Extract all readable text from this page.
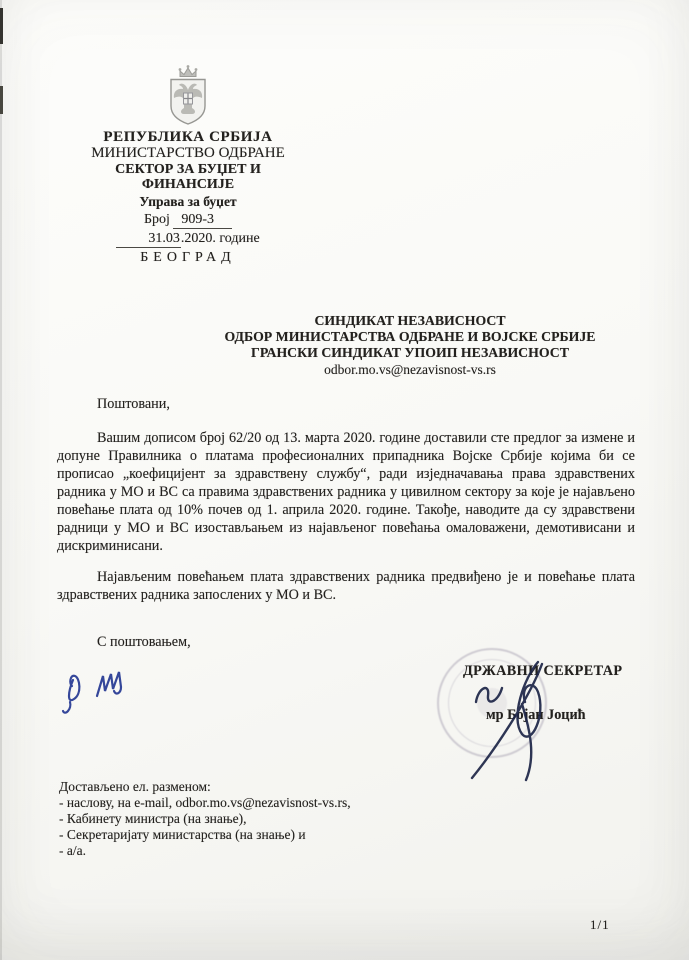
РЕПУБЛИКА СРБИЈА
МИНИСТАРСТВО ОДБРАНЕ
СЕКТОР ЗА БУЏЕТ И ФИНАНСИЈЕ
Управа за буџет
Број 909-3
31.03.2020. године
БЕОГРАД
СИНДИКАТ НЕЗАВИСНОСТ
ОДБОР МИНИСТАРСТВА ОДБРАНЕ И ВОЈСКЕ СРБИЈЕ
ГРАНСКИ СИНДИКАТ УПОИП НЕЗАВИСНОСТ
odbor.mo.vs@nezavisnost-vs.rs
Поштовани,

Вашим дописом број 62/20 од 13. марта 2020. године доставили сте предлог за измене и допуне Правилника о платама професионалних припадника Војске Србије којима би се прописао „коефицијент за здравствену службу“, ради изједначавања права здравствених радника у МО и ВС са правима здравствених радника у цивилном сектору за које је најављено повећање плата од 10% почев од 1. априла 2020. године. Такође, наводите да су здравствени радници у МО и ВС изостављањем из најављеног повећања омаловажени, демотивисани и дискриминисани.

Најављеним повећањем плата здравствених радника предвиђено је и повећање плата здравствених радника запослених у МО и ВС.

С поштовањем,
ДРЖАВНИ СЕКРЕТАР
мр Бојан Јоцић
Достављено ел. разменом:
- наслову, на e-mail, odbor.mo.vs@nezavisnost-vs.rs,
- Кабинету министра (на знање),
- Секретаријату министарства (на знање) и
- а/а.
1/1
